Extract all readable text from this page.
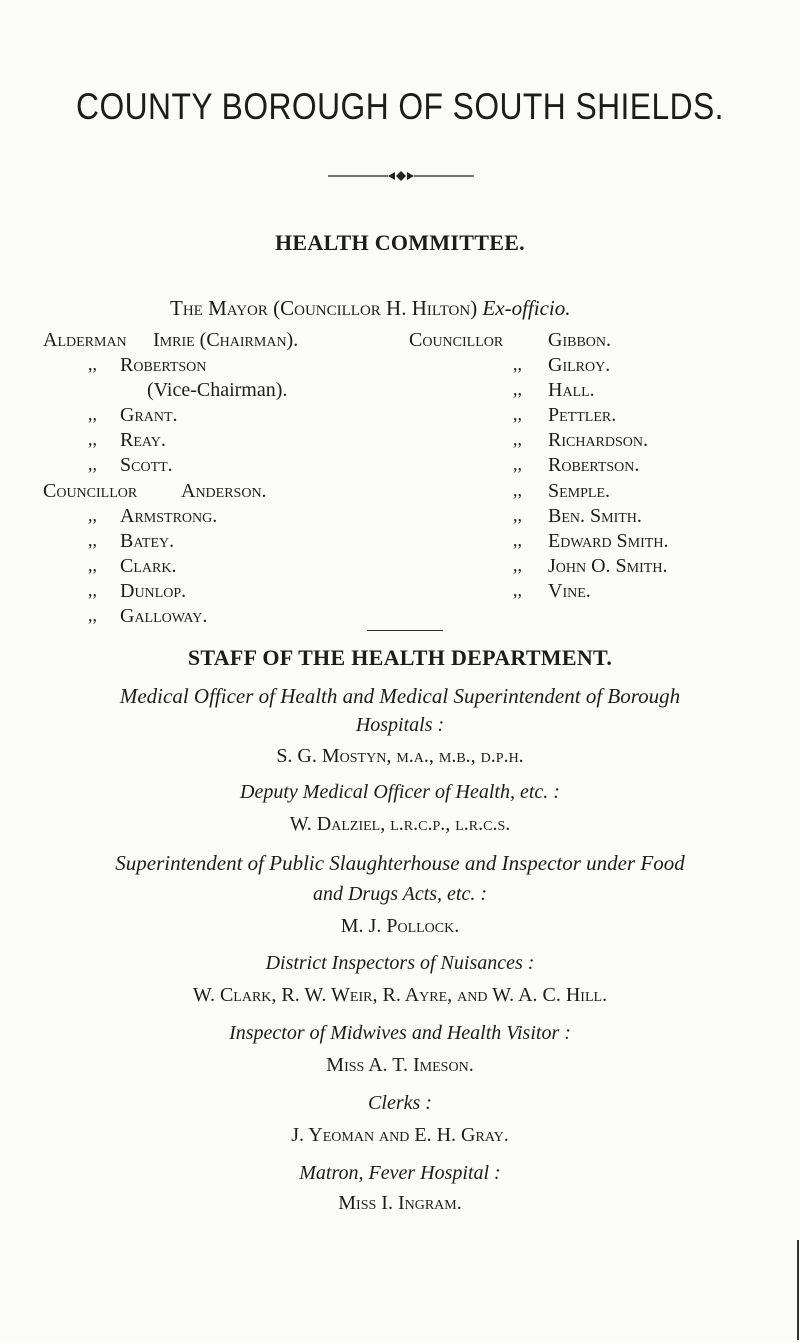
COUNTY BOROUGH OF SOUTH SHIELDS.
HEALTH COMMITTEE.
The Mayor (Councillor H. Hilton) Ex-officio.
Alderman Imrie (Chairman).
,, Robertson
(Vice-Chairman).
,, Grant.
,, Reay.
,, Scott.
Councillor Anderson.
,, Armstrong.
,, Batey.
,, Clark.
,, Dunlop.
,, Galloway.
Councillor Gibbon.
,, Gilroy.
,, Hall.
,, Pettler.
,, Richardson.
,, Robertson.
,, Semple.
,, Ben. Smith.
,, Edward Smith.
,, John O. Smith.
,, Vine.
STAFF OF THE HEALTH DEPARTMENT.
Medical Officer of Health and Medical Superintendent of Borough
Hospitals :
S. G. Mostyn, m.a., m.b., d.p.h.
Deputy Medical Officer of Health, etc. :
W. Dalziel, l.r.c.p., l.r.c.s.
Superintendent of Public Slaughterhouse and Inspector under Food
and Drugs Acts, etc. :
M. J. Pollock.
District Inspectors of Nuisances :
W. Clark, R. W. Weir, R. Ayre, and W. A. C. Hill.
Inspector of Midwives and Health Visitor :
Miss A. T. Imeson.
Clerks :
J. Yeoman and E. H. Gray.
Matron, Fever Hospital :
Miss I. Ingram.
